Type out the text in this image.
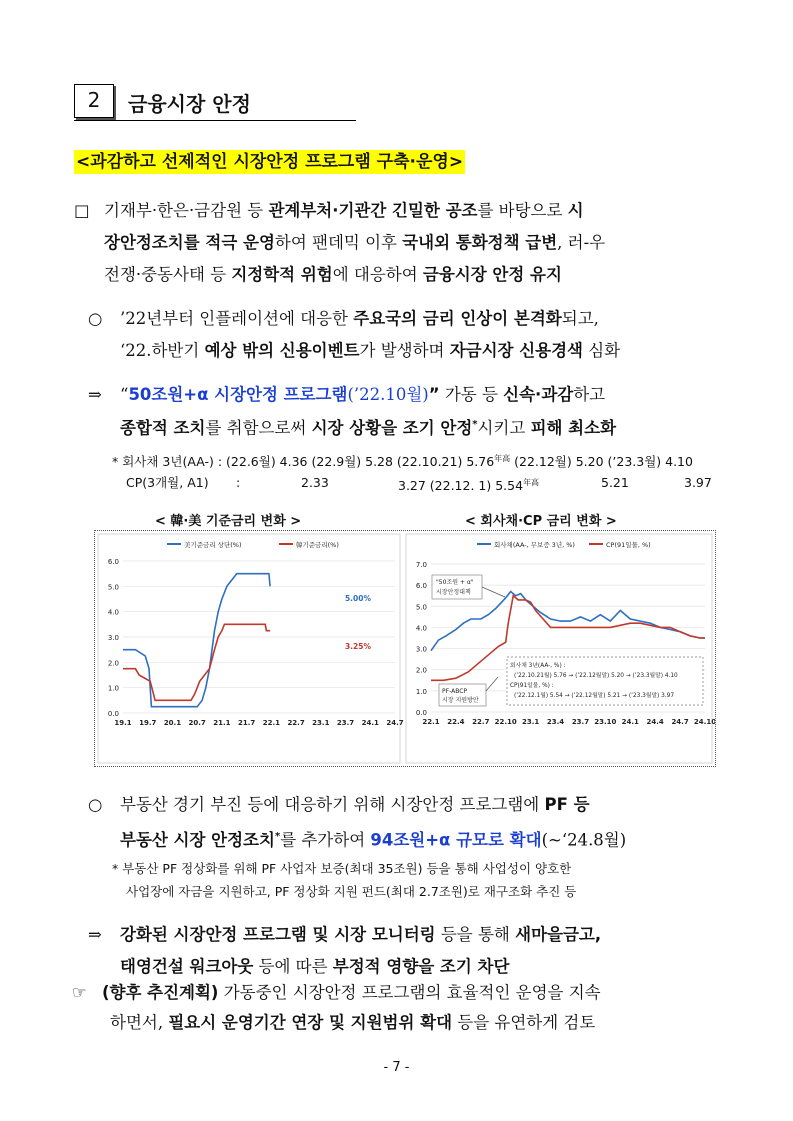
2	금융시장 안정
<과감하고 선제적인 시장안정 프로그램 구축·운영>
□ 기재부·한은·금감원 등 관계부처·기관간 긴밀한 공조를 바탕으로 시
장안정조치를 적극 운영하여 팬데믹 이후 국내외 통화정책 급변, 러-우
전쟁·중동사태 등 지정학적 위험에 대응하여 금융시장 안정 유지
○ ’22년부터 인플레이션에 대응한 주요국의 금리 인상이 본격화되고,
‘22.하반기 예상 밖의 신용이벤트가 발생하며 자금시장 신용경색 심화
⇒ “50조원+α 시장안정 프로그램(’22.10월)” 가동 등 신속·과감하고
종합적 조치를 취함으로써 시장 상황을 조기 안정*시키고 피해 최소화
* 회사채 3년(AA-) : (22.6월) 4.36 (22.9월) 5.28 (22.10.21) $5.76^{年高}$ (22.12월) 5.20 (’23.3월) 4.10
CP(3개월, A1) :	2.33	3.27 (22.12. 1) $5.54^{年高}$	5.21	3.97
< 韓·美 기준금리 변화 >	< 회사채·CP 금리 변화 >
0.0
1.0
2.0
3.0
4.0
5.0
6.0
19.1 19.7 20.1 20.7 21.1 21.7 22.1 22.7 23.1 23.7 24.1 24.7
美기준금리 상단(%)	韓기준금리(%)
0.0
1.0
2.0
3.0
4.0
5.0
6.0
7.0
22.1 22.4 22.7 22.10 23.1 23.4 23.7 23.10 24.1 24.4 24.7 24.10
회사채(AA-, 무보증 3년, %)	CP(91일물, %)
5.00%
3.25%
"50조원 + α"
시장안정대책
PF-ABCP
시장 지원방안
회사채 3년(AA-, %) :
(’22.10.21월) 5.76 → (’22.12월말) 5.20 → (’23.3월말) 4.10
CP(91일물, %) :
(’22.12.1월) 5.54 → (’22.12월말) 5.21 → (’23.3월말) 3.97
○ 부동산 경기 부진 등에 대응하기 위해 시장안정 프로그램에 PF 등
부동산 시장 안정조치*를 추가하여 94조원+α 규모로 확대(~‘24.8월)
* 부동산 PF 정상화를 위해 PF 사업자 보증(최대 35조원) 등을 통해 사업성이 양호한
사업장에 자금을 지원하고, PF 정상화 지원 펀드(최대 2.7조원)로 재구조화 추진 등
⇒ 강화된 시장안정 프로그램 및 시장 모니터링 등을 통해 새마을금고,
태영건설 워크아웃 등에 따른 부정적 영향을 조기 차단
☞ (향후 추진계획) 가동중인 시장안정 프로그램의 효율적인 운영을 지속
하면서, 필요시 운영기간 연장 및 지원범위 확대 등을 유연하게 검토
- 7 -
